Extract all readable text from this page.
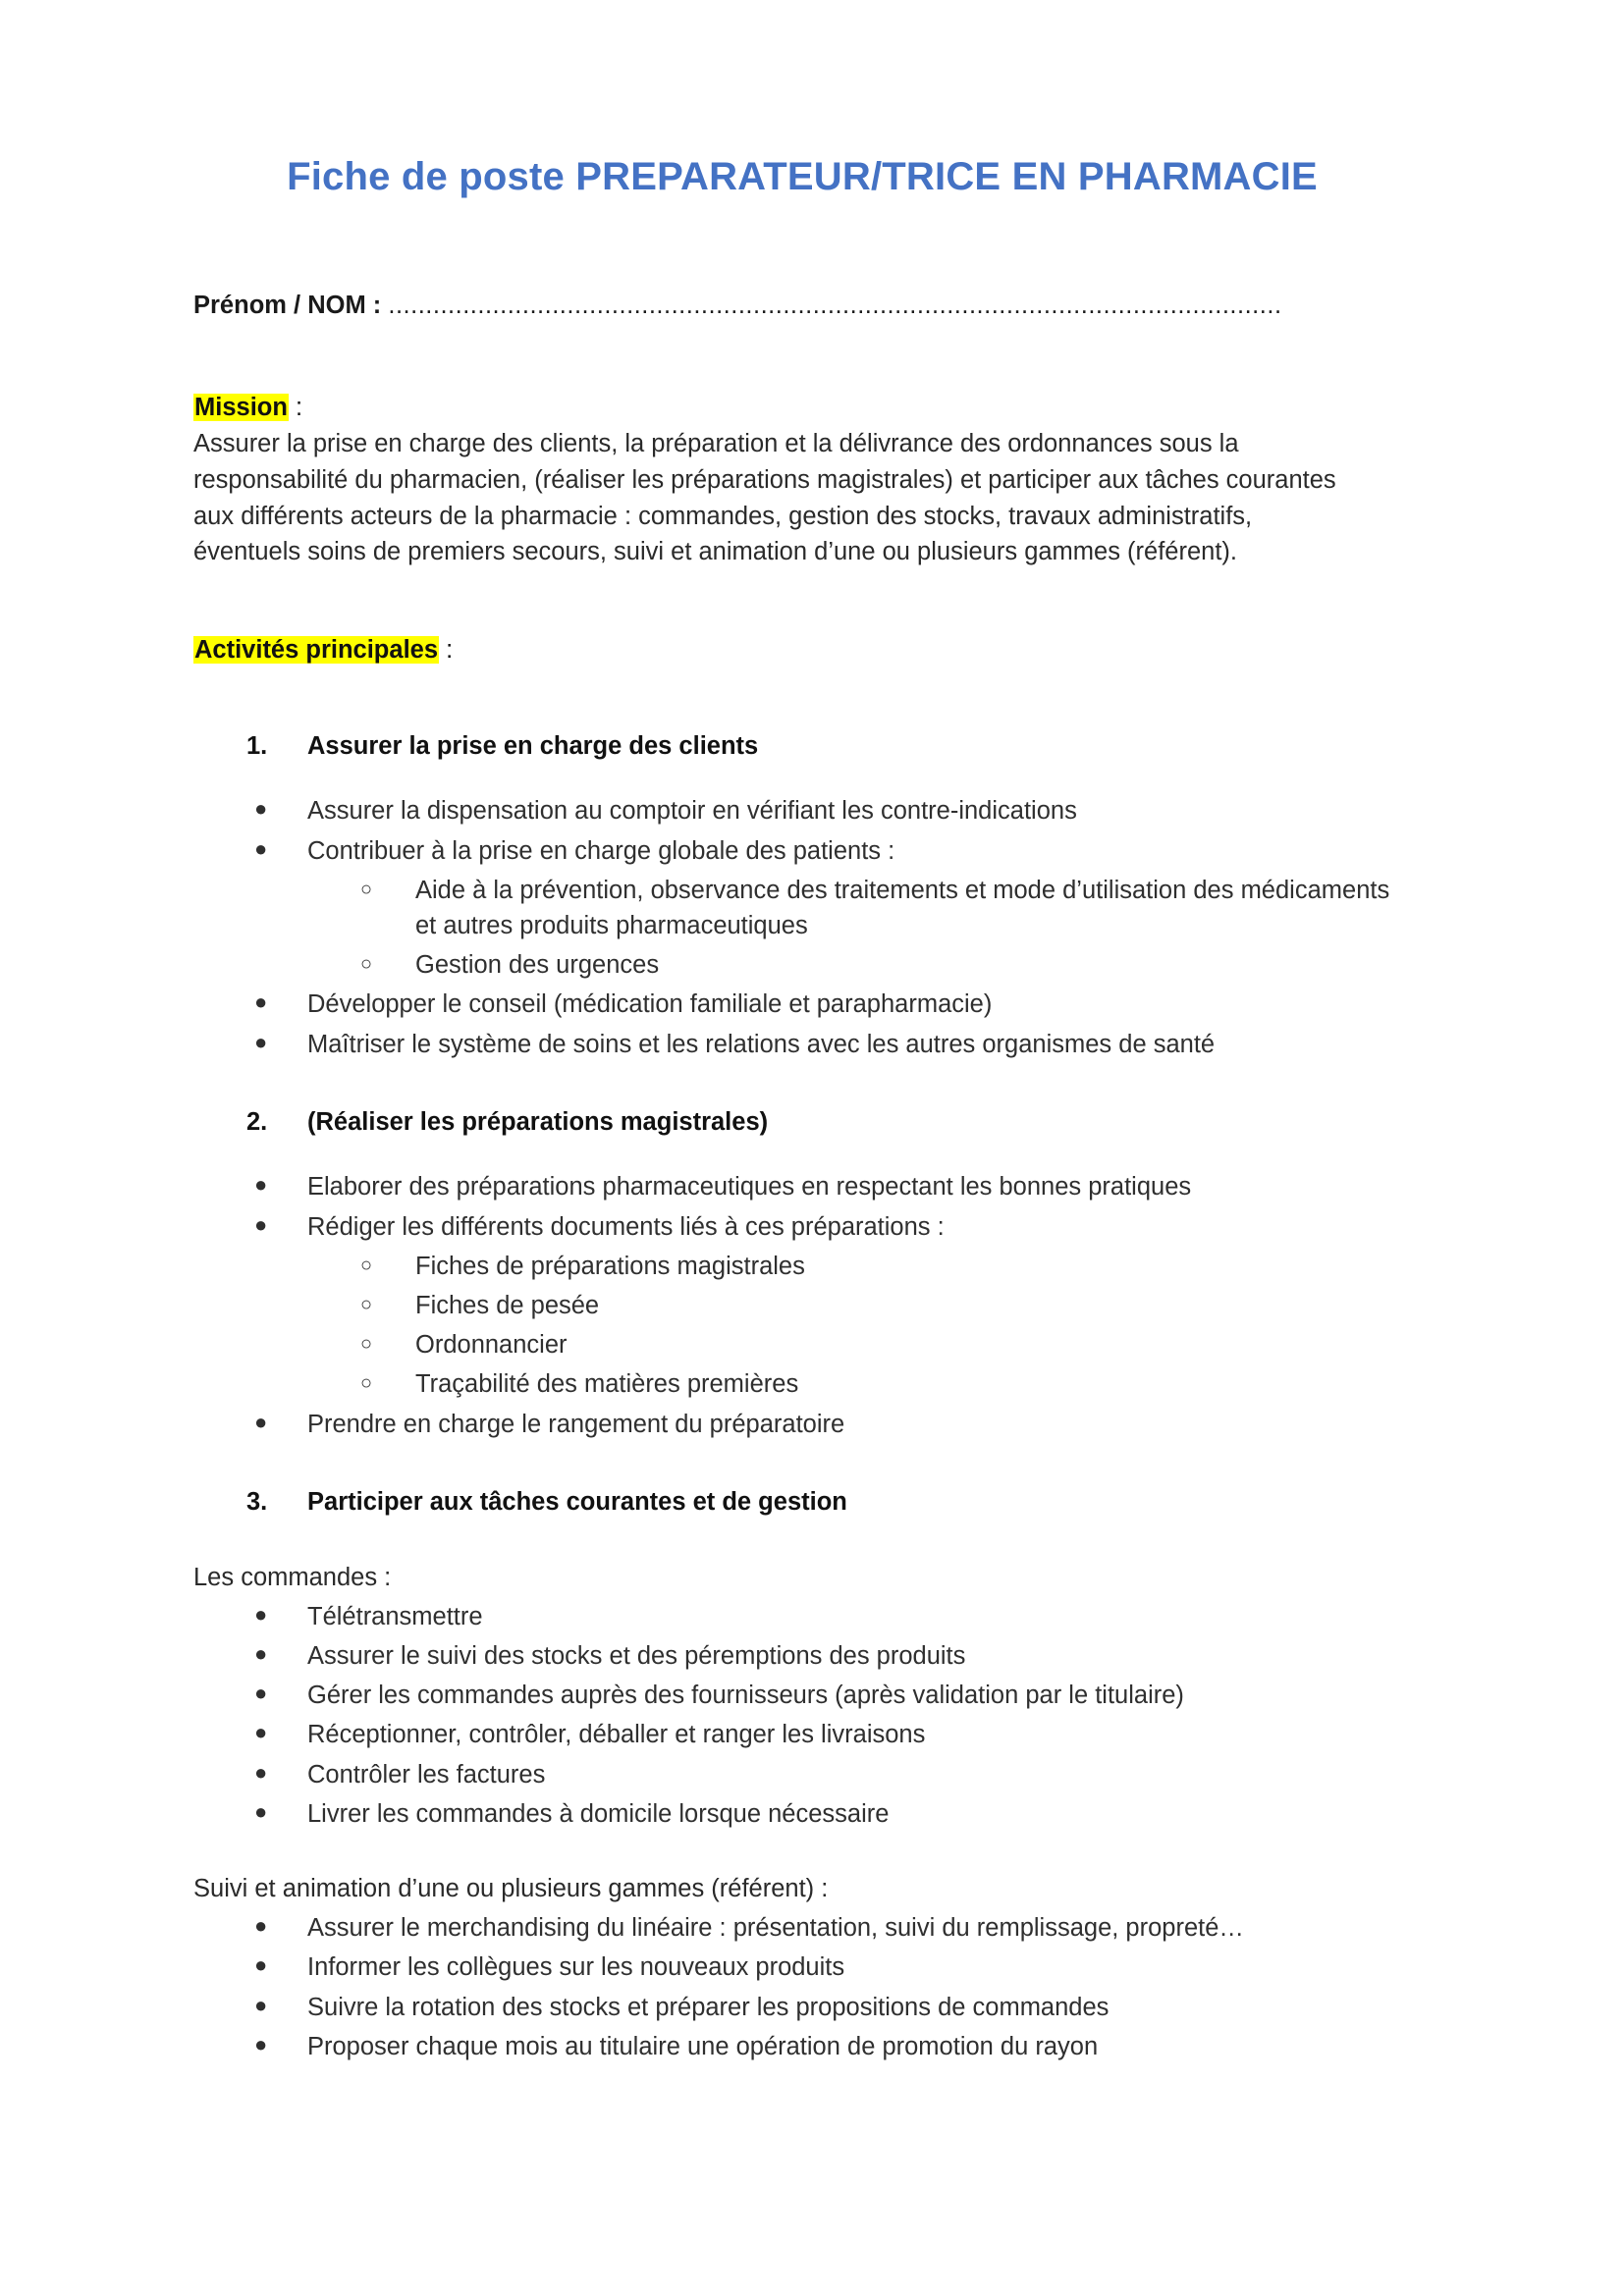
Fiche de poste PREPARATEUR/TRICE EN PHARMACIE
Prénom / NOM : ........................................................................................................................
Mission :

Assurer la prise en charge des clients, la préparation et la délivrance des ordonnances sous la responsabilité du pharmacien, (réaliser les préparations magistrales) et participer aux tâches courantes aux différents acteurs de la pharmacie : commandes, gestion des stocks, travaux administratifs, éventuels soins de premiers secours, suivi et animation d’une ou plusieurs gammes (référent).

Activités principales :
1. Assurer la prise en charge des clients
● Assurer la dispensation au comptoir en vérifiant les contre-indications
● Contribuer à la prise en charge globale des patients :
○ Aide à la prévention, observance des traitements et mode d’utilisation des médicaments et autres produits pharmaceutiques
○ Gestion des urgences
● Développer le conseil (médication familiale et parapharmacie)
● Maîtriser le système de soins et les relations avec les autres organismes de santé
2. (Réaliser les préparations magistrales)
● Elaborer des préparations pharmaceutiques en respectant les bonnes pratiques
● Rédiger les différents documents liés à ces préparations :
○ Fiches de préparations magistrales
○ Fiches de pesée
○ Ordonnancier
○ Traçabilité des matières premières
● Prendre en charge le rangement du préparatoire
3. Participer aux tâches courantes et de gestion
Les commandes :
● Télétransmettre
● Assurer le suivi des stocks et des péremptions des produits
● Gérer les commandes auprès des fournisseurs (après validation par le titulaire)
● Réceptionner, contrôler, déballer et ranger les livraisons
● Contrôler les factures
● Livrer les commandes à domicile lorsque nécessaire
Suivi et animation d’une ou plusieurs gammes (référent) :
● Assurer le merchandising du linéaire : présentation, suivi du remplissage, propreté…
● Informer les collègues sur les nouveaux produits
● Suivre la rotation des stocks et préparer les propositions de commandes
● Proposer chaque mois au titulaire une opération de promotion du rayon
